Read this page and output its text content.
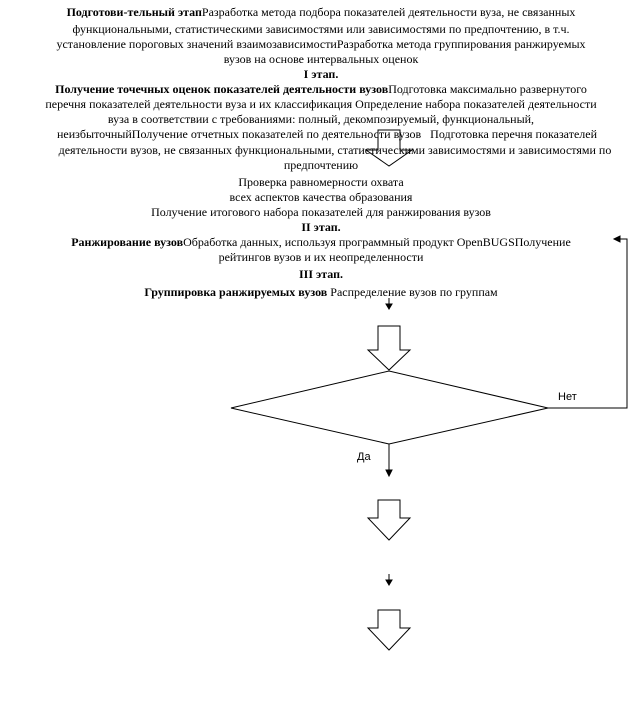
Подготови-тельный этапРазработка метода подбора показателей деятельности вуза, не связанных
функциональными, статистическими зависимостями или зависимостями по предпочтению, в т.ч.
установление пороговых значений взаимозависимостиРазработка метода группирования ранжируемых
вузов на основе интервальных оценок
I этап.
Получение точечных оценок показателей деятельности вузовПодготовка максимально развернутого
перечня показателей деятельности вуза и их классификация Определение набора показателей деятельности
вуза в соответствии с требованиями: полный, декомпозируемый, функциональный,
неизбыточныйПолучение отчетных показателей по деятельности вузов Подготовка перечня показателей
деятельности вузов, не связанных функциональными, статистическими зависимостями и зависимостями по
предпочтению
Проверка равномерности охвата
всех аспектов качества образования
Получение итогового набора показателей для ранжирования вузов
II этап.
Ранжирование вузовОбработка данных, используя программный продукт OpenBUGSПолучение
рейтингов вузов и их неопределенности
III этап.
Группировка ранжируемых вузов Распределение вузов по группам
Нет
Да
